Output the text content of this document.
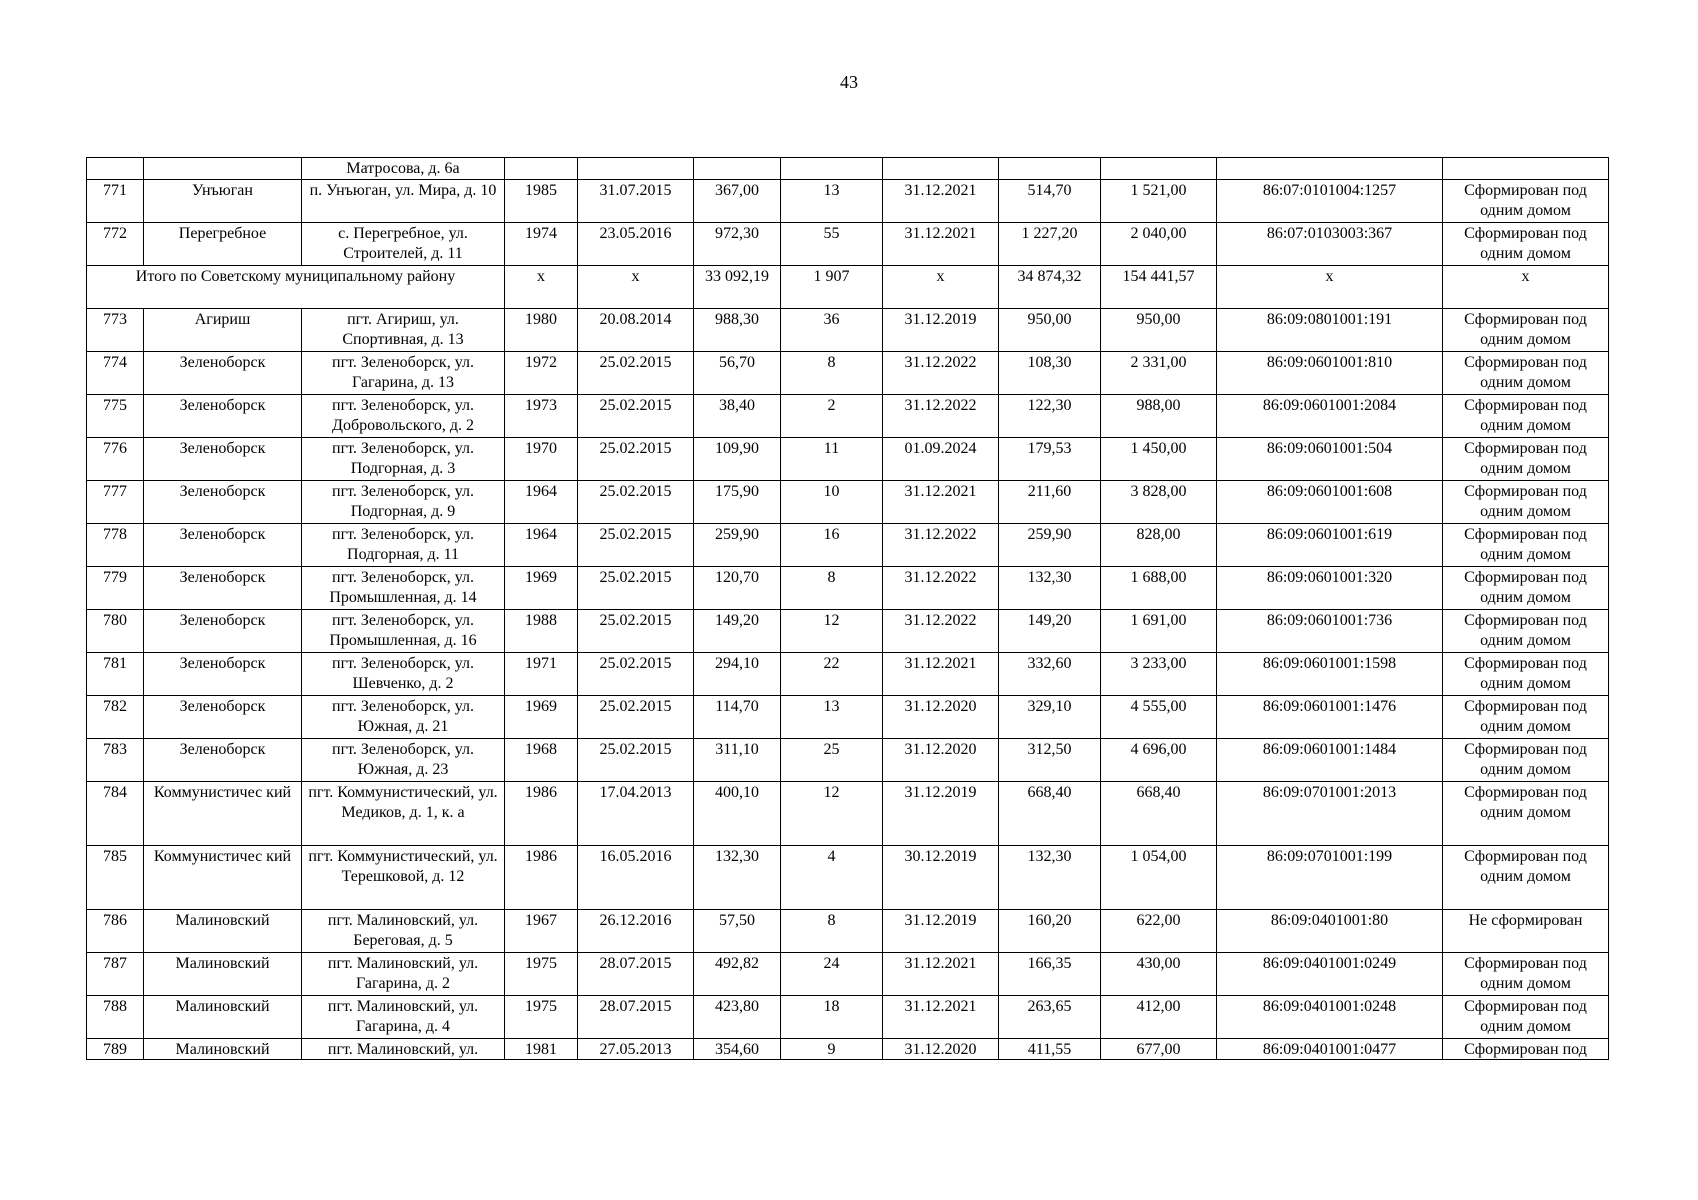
43
		Матросова, д. 6а									
771	Унъюган	п. Унъюган, ул. Мира, д. 10	1985	31.07.2015	367,00	13	31.12.2021	514,70	1 521,00	86:07:0101004:1257	Сформирован под одним домом
772	Перегребное	с. Перегребное, ул. Строителей, д. 11	1974	23.05.2016	972,30	55	31.12.2021	1 227,20	2 040,00	86:07:0103003:367	Сформирован под одним домом
Итого по Советскому муниципальному району			х	х	33 092,19	1 907	х	34 874,32	154 441,57	х	х
773	Агириш	пгт. Агириш, ул. Спортивная, д. 13	1980	20.08.2014	988,30	36	31.12.2019	950,00	950,00	86:09:0801001:191	Сформирован под одним домом
774	Зеленоборск	пгт. Зеленоборск, ул. Гагарина, д. 13	1972	25.02.2015	56,70	8	31.12.2022	108,30	2 331,00	86:09:0601001:810	Сформирован под одним домом
775	Зеленоборск	пгт. Зеленоборск, ул. Добровольского, д. 2	1973	25.02.2015	38,40	2	31.12.2022	122,30	988,00	86:09:0601001:2084	Сформирован под одним домом
776	Зеленоборск	пгт. Зеленоборск, ул. Подгорная, д. 3	1970	25.02.2015	109,90	11	01.09.2024	179,53	1 450,00	86:09:0601001:504	Сформирован под одним домом
777	Зеленоборск	пгт. Зеленоборск, ул. Подгорная, д. 9	1964	25.02.2015	175,90	10	31.12.2021	211,60	3 828,00	86:09:0601001:608	Сформирован под одним домом
778	Зеленоборск	пгт. Зеленоборск, ул. Подгорная, д. 11	1964	25.02.2015	259,90	16	31.12.2022	259,90	828,00	86:09:0601001:619	Сформирован под одним домом
779	Зеленоборск	пгт. Зеленоборск, ул. Промышленная, д. 14	1969	25.02.2015	120,70	8	31.12.2022	132,30	1 688,00	86:09:0601001:320	Сформирован под одним домом
780	Зеленоборск	пгт. Зеленоборск, ул. Промышленная, д. 16	1988	25.02.2015	149,20	12	31.12.2022	149,20	1 691,00	86:09:0601001:736	Сформирован под одним домом
781	Зеленоборск	пгт. Зеленоборск, ул. Шевченко, д. 2	1971	25.02.2015	294,10	22	31.12.2021	332,60	3 233,00	86:09:0601001:1598	Сформирован под одним домом
782	Зеленоборск	пгт. Зеленоборск, ул. Южная, д. 21	1969	25.02.2015	114,70	13	31.12.2020	329,10	4 555,00	86:09:0601001:1476	Сформирован под одним домом
783	Зеленоборск	пгт. Зеленоборск, ул. Южная, д. 23	1968	25.02.2015	311,10	25	31.12.2020	312,50	4 696,00	86:09:0601001:1484	Сформирован под одним домом
784	Коммунистичес кий	пгт. Коммунистический, ул. Медиков, д. 1, к. а	1986	17.04.2013	400,10	12	31.12.2019	668,40	668,40	86:09:0701001:2013	Сформирован под одним домом
785	Коммунистичес кий	пгт. Коммунистический, ул. Терешковой, д. 12	1986	16.05.2016	132,30	4	30.12.2019	132,30	1 054,00	86:09:0701001:199	Сформирован под одним домом
786	Малиновский	пгт. Малиновский, ул. Береговая, д. 5	1967	26.12.2016	57,50	8	31.12.2019	160,20	622,00	86:09:0401001:80	Не сформирован
787	Малиновский	пгт. Малиновский, ул. Гагарина, д. 2	1975	28.07.2015	492,82	24	31.12.2021	166,35	430,00	86:09:0401001:0249	Сформирован под одним домом
788	Малиновский	пгт. Малиновский, ул. Гагарина, д. 4	1975	28.07.2015	423,80	18	31.12.2021	263,65	412,00	86:09:0401001:0248	Сформирован под одним домом
789	Малиновский	пгт. Малиновский, ул.	1981	27.05.2013	354,60	9	31.12.2020	411,55	677,00	86:09:0401001:0477	Сформирован под
